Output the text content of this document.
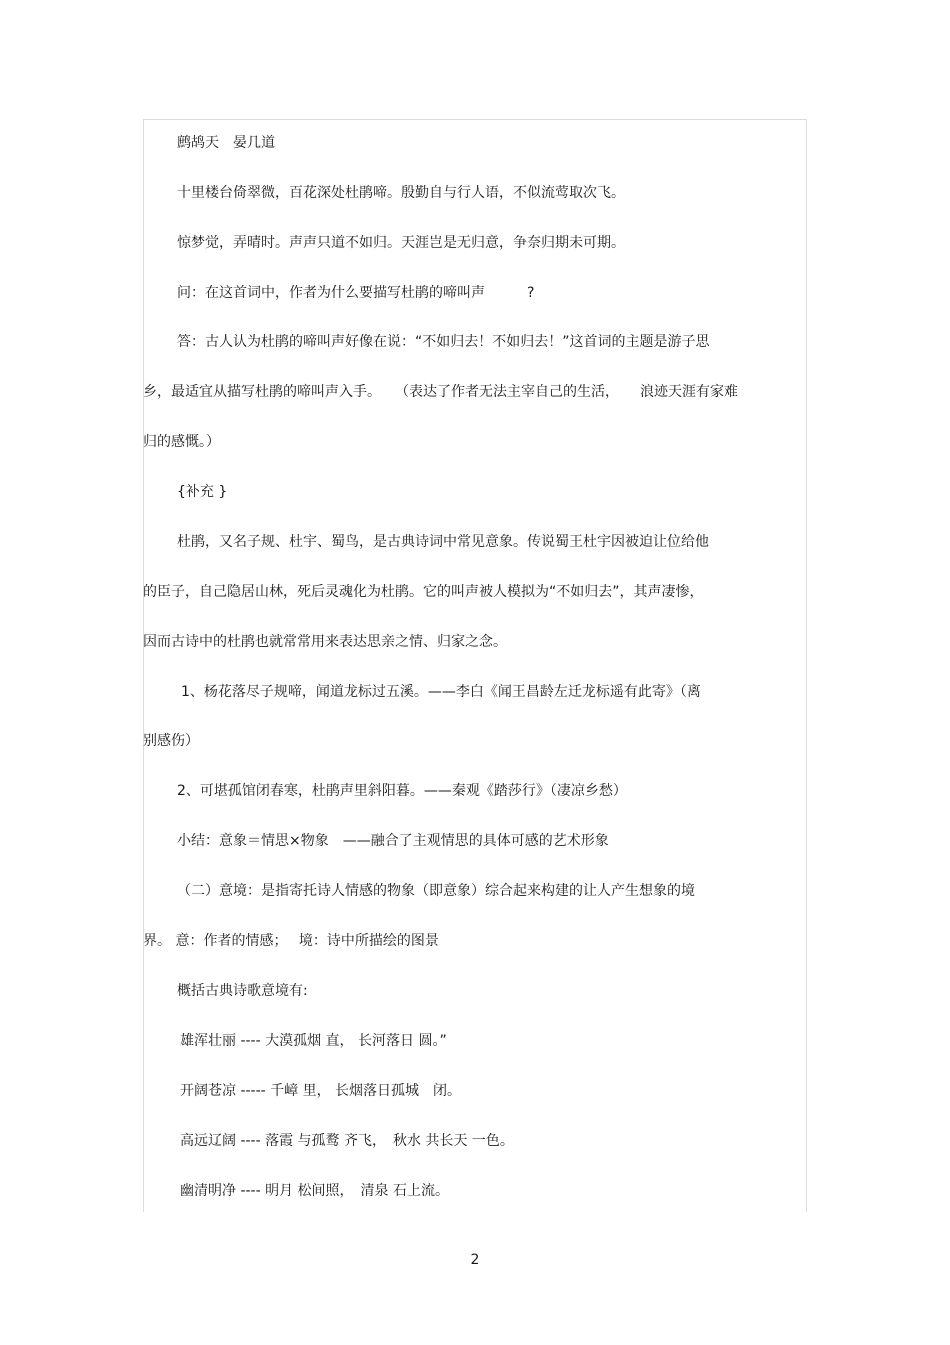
鹧鸪天　晏几道
十里楼台倚翠微，百花深处杜鹃啼。殷勤自与行人语，不似流莺取次飞。
惊梦觉，弄晴时。声声只道不如归。天涯岂是无归意，争奈归期未可期。
问：在这首词中，作者为什么要描写杜鹃的啼叫声　　　?
答：古人认为杜鹃的啼叫声好像在说：“不如归去！不如归去！”这首词的主题是游子思
乡，最适宜从描写杜鹃的啼叫声入手。　　（表达了作者无法主宰自己的生活，　　浪迹天涯有家难
归的感慨。）
{补充 }
杜鹃，又名子规、杜宇、蜀鸟，是古典诗词中常见意象。传说蜀王杜宇因被迫让位给他
的臣子，自己隐居山林，死后灵魂化为杜鹃。它的叫声被人模拟为“不如归去”，其声凄惨，
因而古诗中的杜鹃也就常常用来表达思亲之情、归家之念。
1、杨花落尽子规啼，闻道龙标过五溪。——李白《闻王昌龄左迁龙标遥有此寄》（离
别感伤）
2、可堪孤馆闭春寒，杜鹃声里斜阳暮。——秦观《踏莎行》（凄凉乡愁）
小结：意象＝情思×物象　——融合了主观情思的具体可感的艺术形象
（二）意境：是指寄托诗人情感的物象（即意象）综合起来构建的让人产生想象的境
界。 意：作者的情感；　 境：诗中所描绘的图景
概括古典诗歌意境有:
雄浑壮丽 ---- 大漠孤烟 直， 长河落日 圆。”
开阔苍凉 ----- 千嶂 里， 长烟落日孤城　闭。
高远辽阔 ---- 落霞 与孤鹜 齐飞，　秋水 共长天 一色。
幽清明净 ---- 明月 松间照，　清泉 石上流。
2
